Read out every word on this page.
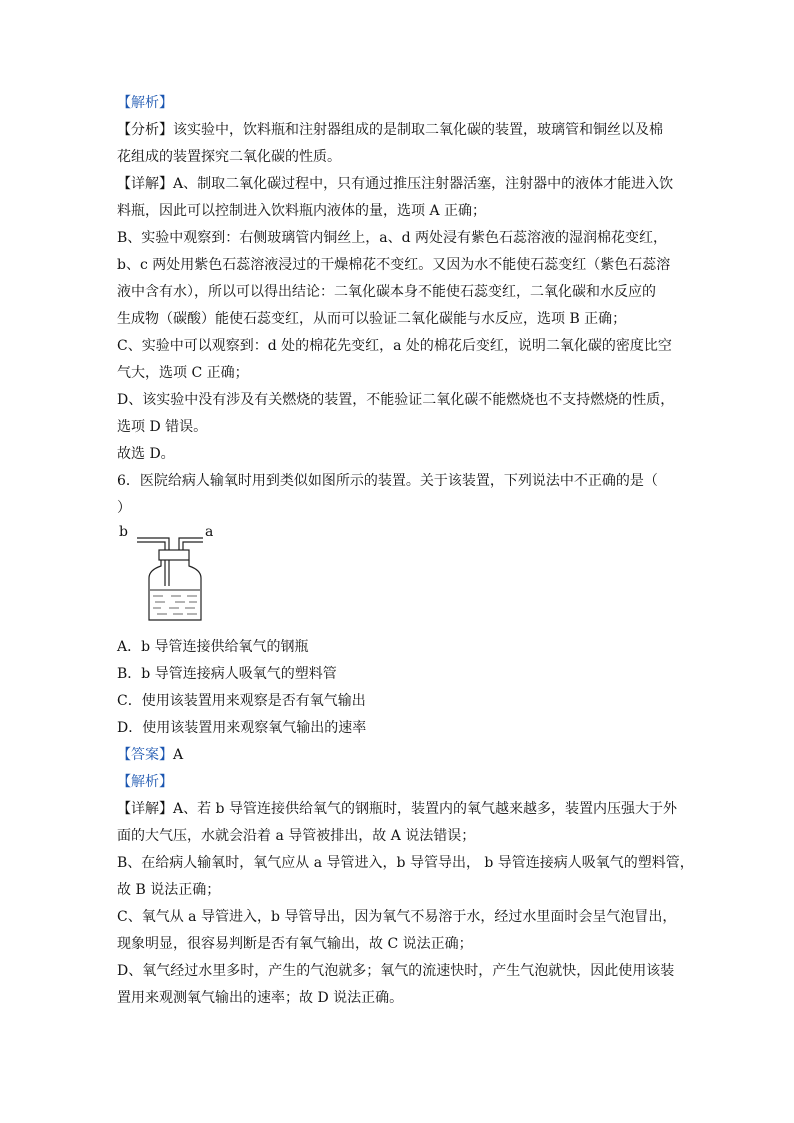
【解析】
【分析】该实验中，饮料瓶和注射器组成的是制取二氧化碳的装置，玻璃管和铜丝以及棉
花组成的装置探究二氧化碳的性质。
【详解】A、制取二氧化碳过程中，只有通过推压注射器活塞，注射器中的液体才能进入饮
料瓶，因此可以控制进入饮料瓶内液体的量，选项 A 正确；
B、实验中观察到：右侧玻璃管内铜丝上，a、d 两处浸有紫色石蕊溶液的湿润棉花变红，
b、c 两处用紫色石蕊溶液浸过的干燥棉花不变红。又因为水不能使石蕊变红（紫色石蕊溶
液中含有水），所以可以得出结论：二氧化碳本身不能使石蕊变红，二氧化碳和水反应的
生成物（碳酸）能使石蕊变红，从而可以验证二氧化碳能与水反应，选项 B 正确；
C、实验中可以观察到：d 处的棉花先变红，a 处的棉花后变红，说明二氧化碳的密度比空
气大，选项 C 正确；
D、该实验中没有涉及有关燃烧的装置，不能验证二氧化碳不能燃烧也不支持燃烧的性质，
选项 D 错误。
故选 D。
6．医院给病人输氧时用到类似如图所示的装置。关于该装置，下列说法中不正确的是（
）
b	a
A．b 导管连接供给氧气的钢瓶
B．b 导管连接病人吸氧气的塑料管
C．使用该装置用来观察是否有氧气输出
D．使用该装置用来观察氧气输出的速率
【答案】A
【解析】
【详解】A、若 b 导管连接供给氧气的钢瓶时，装置内的氧气越来越多，装置内压强大于外
面的大气压，水就会沿着 a 导管被排出，故 A 说法错误；
B、在给病人输氧时，氧气应从 a 导管进入，b 导管导出， b 导管连接病人吸氧气的塑料管，
故 B 说法正确；
C、氧气从 a 导管进入，b 导管导出，因为氧气不易溶于水，经过水里面时会呈气泡冒出，
现象明显，很容易判断是否有氧气输出，故 C 说法正确；
D、氧气经过水里多时，产生的气泡就多；氧气的流速快时，产生气泡就快，因此使用该装
置用来观测氧气输出的速率；故 D 说法正确。
